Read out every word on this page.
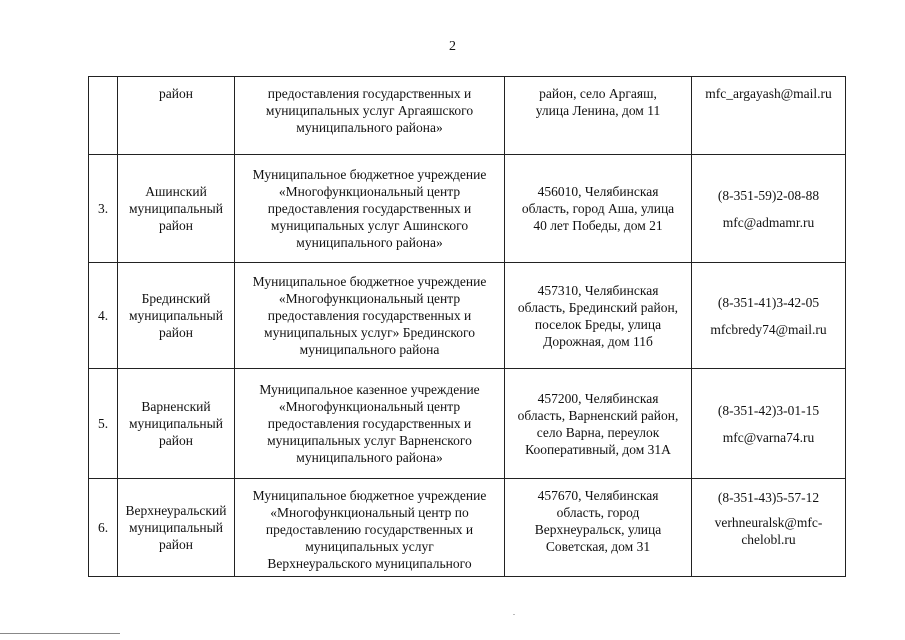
2

	район	предоставления государственных и
муниципальных услуг Аргаяшского
муниципального района»	район, село Аргаяш,
улица Ленина, дом 11	mfc_argayash@mail.ru

3.	Ашинский
муниципальный
район	Муниципальное бюджетное учреждение
«Многофункциональный центр
предоставления государственных и
муниципальных услуг Ашинского
муниципального района»	456010, Челябинская
область, город Аша, улица
40 лет Победы, дом 21	(8-351-59)2-08-88
mfc@admamr.ru

4.	Брединский
муниципальный
район	Муниципальное бюджетное учреждение
«Многофункциональный центр
предоставления государственных и
муниципальных услуг» Брединского
муниципального района	457310, Челябинская
область, Брединский район,
поселок Бреды, улица
Дорожная, дом 11б	(8-351-41)3-42-05
mfcbredy74@mail.ru

5.	Варненский
муниципальный
район	Муниципальное казенное учреждение
«Многофункциональный центр
предоставления государственных и
муниципальных услуг Варненского
муниципального района»	457200, Челябинская
область, Варненский район,
село Варна, переулок
Кооперативный, дом 31А	(8-351-42)3-01-15
mfc@varna74.ru

6.	Верхнеуральский
муниципальный
район	Муниципальное бюджетное учреждение
«Многофункциональный центр по
предоставлению государственных и
муниципальных услуг
Верхнеуральского муниципального	457670, Челябинская
область, город
Верхнеуральск, улица
Советская, дом 31	(8-351-43)5-57-12
verhneuralsk@mfc-
chelobl.ru
